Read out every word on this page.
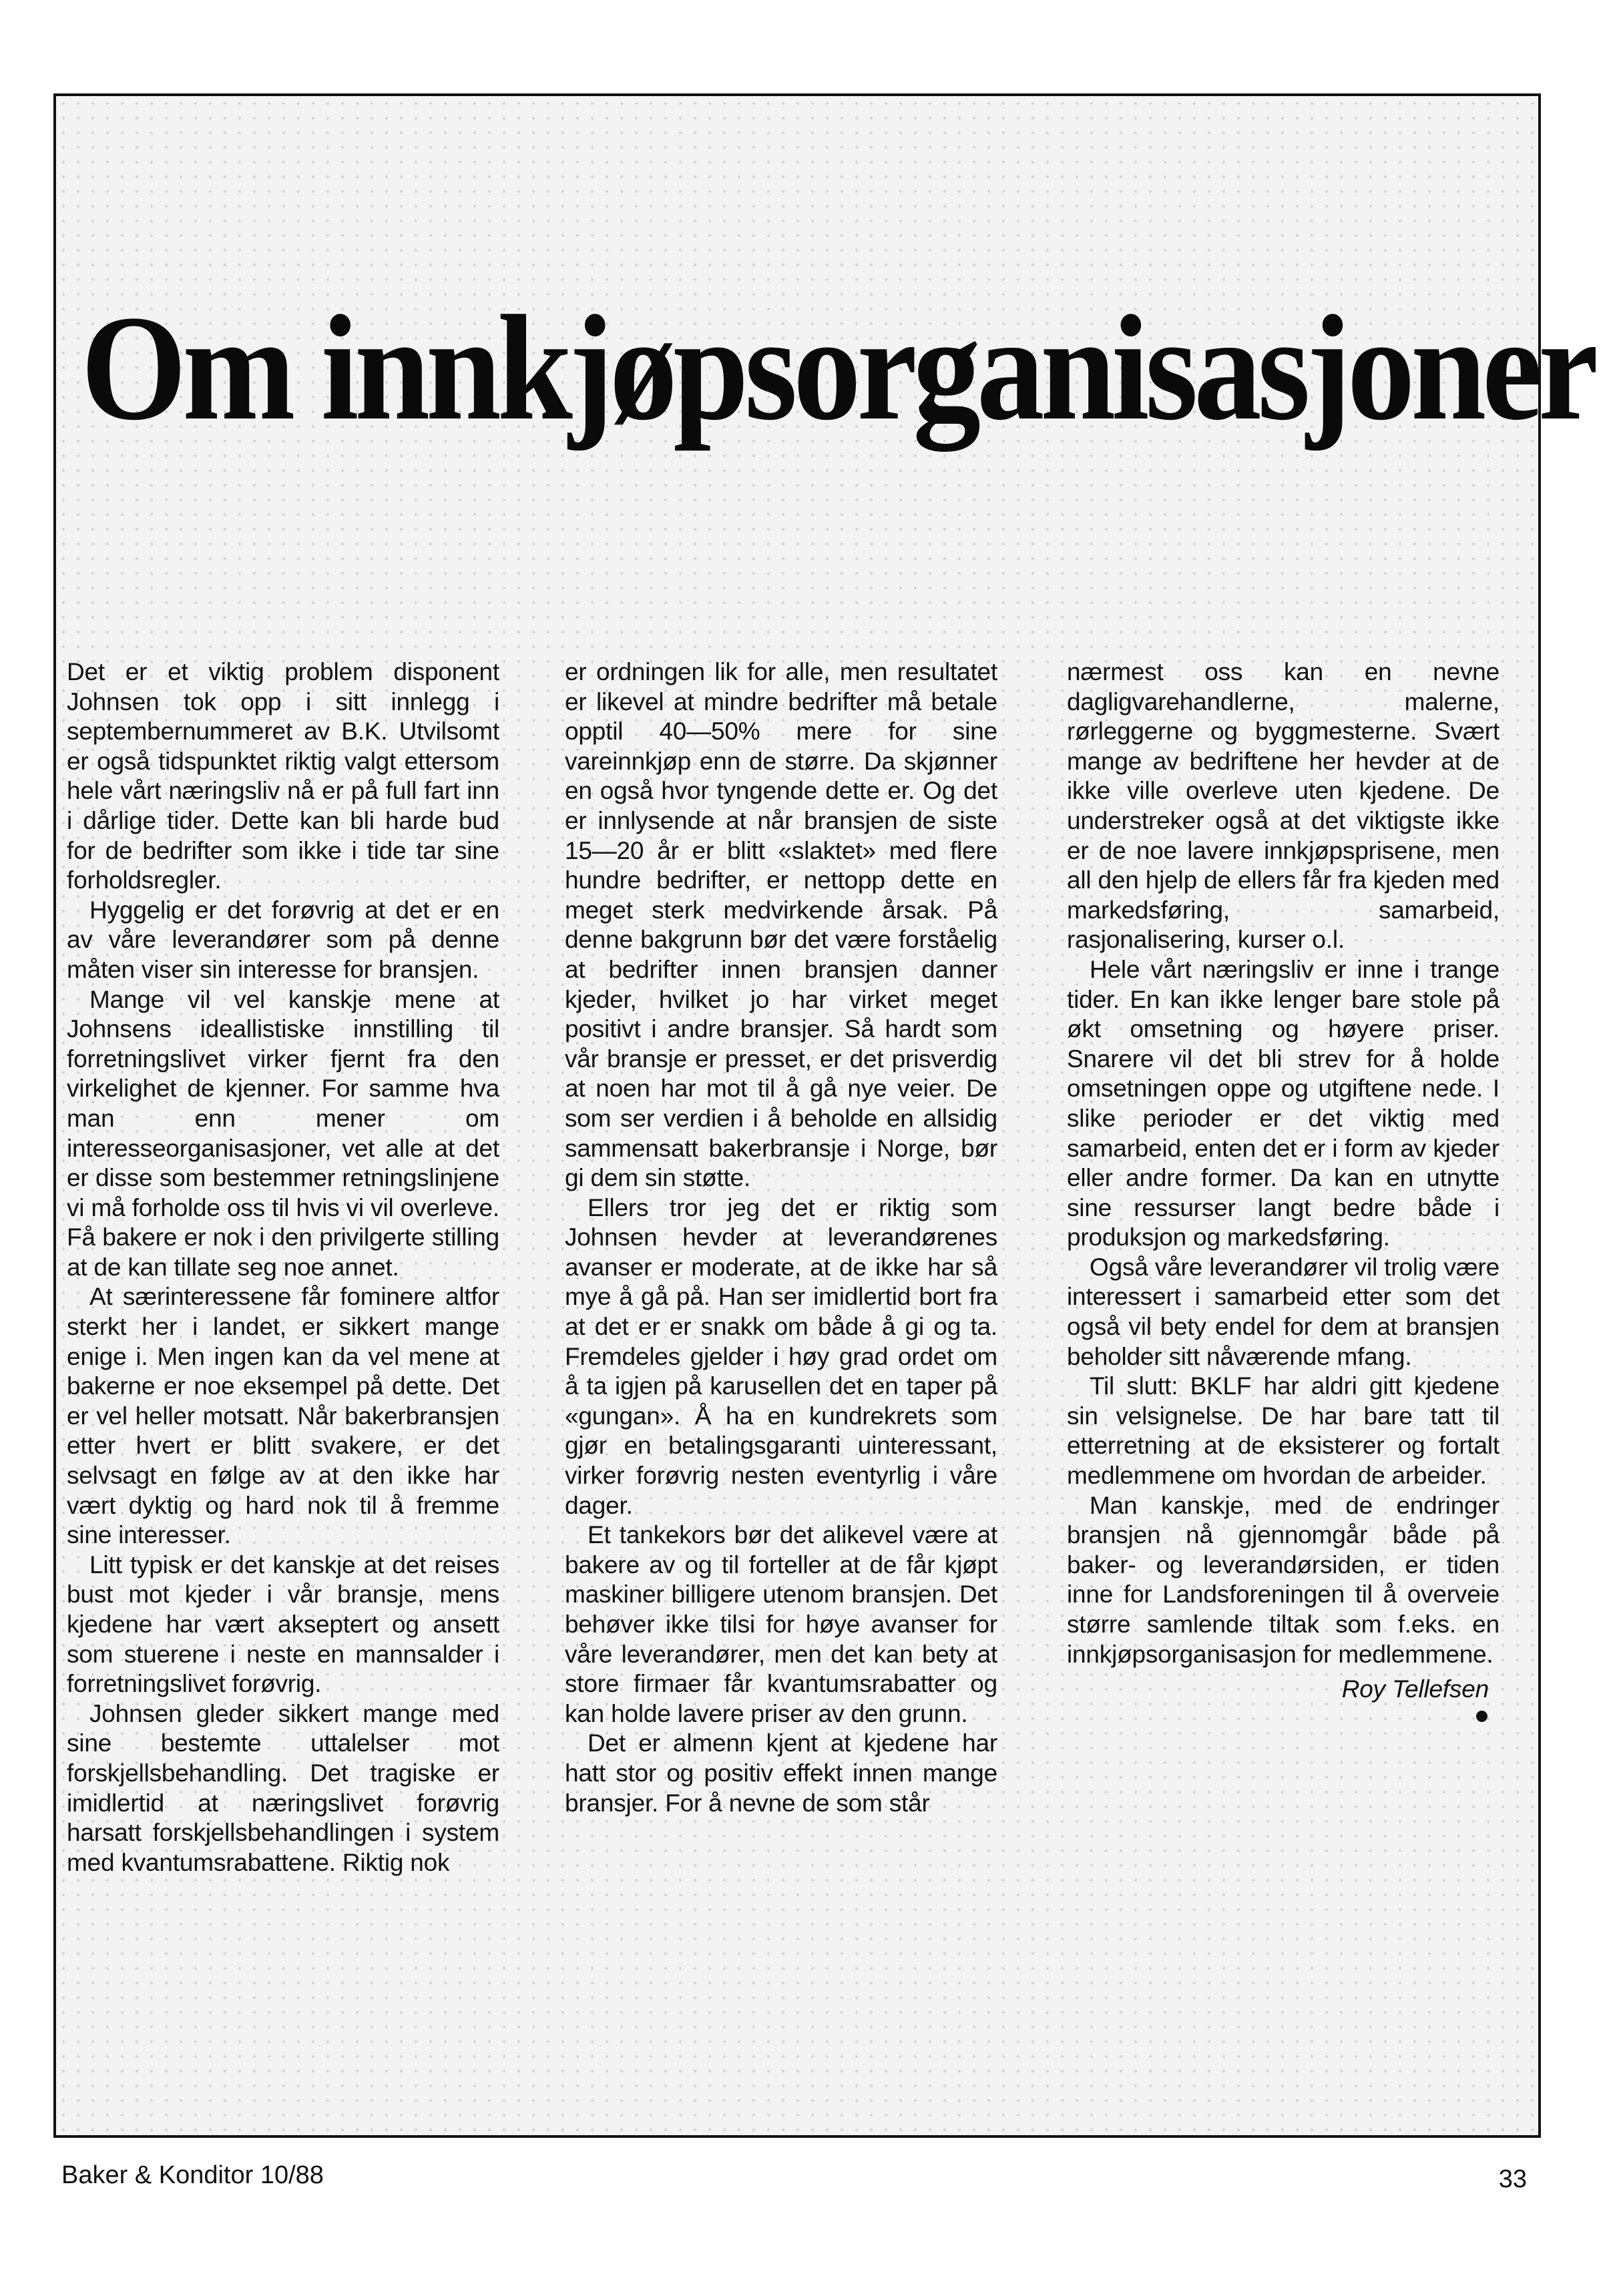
Om innkjøpsorganisasjoner

Det er et viktig problem disponent Johnsen tok opp i sitt innlegg i septembernummeret av B.K. Utvilsomt er også tidspunktet riktig valgt ettersom hele vårt næringsliv nå er på full fart inn i dårlige tider. Dette kan bli harde bud for de bedrifter som ikke i tide tar sine forholdsregler.

Hyggelig er det forøvrig at det er en av våre leverandører som på denne måten viser sin interesse for bransjen.

Mange vil vel kanskje mene at Johnsens ideallistiske innstilling til forretningslivet virker fjernt fra den virkelighet de kjenner. For samme hva man enn mener om interesseorganisasjoner, vet alle at det er disse som bestemmer retningslinjene vi må forholde oss til hvis vi vil overleve. Få bakere er nok i den privilgerte stilling at de kan tillate seg noe annet.

At særinteressene får fominere altfor sterkt her i landet, er sikkert mange enige i. Men ingen kan da vel mene at bakerne er noe eksempel på dette. Det er vel heller motsatt. Når bakerbransjen etter hvert er blitt svakere, er det selvsagt en følge av at den ikke har vært dyktig og hard nok til å fremme sine interesser.

Litt typisk er det kanskje at det reises bust mot kjeder i vår bransje, mens kjedene har vært akseptert og ansett som stuerene i neste en mannsalder i forretningslivet forøvrig.

Johnsen gleder sikkert mange med sine bestemte uttalelser mot forskjellsbehandling. Det tragiske er imidlertid at næringslivet forøvrig harsatt forskjellsbehandlingen i system med kvantumsrabattene. Riktig nok

er ordningen lik for alle, men resultatet er likevel at mindre bedrifter må betale opptil 40—50% mere for sine vareinnkjøp enn de større. Da skjønner en også hvor tyngende dette er. Og det er innlysende at når bransjen de siste 15—20 år er blitt «slaktet» med flere hundre bedrifter, er nettopp dette en meget sterk medvirkende årsak. På denne bakgrunn bør det være forståelig at bedrifter innen bransjen danner kjeder, hvilket jo har virket meget positivt i andre bransjer. Så hardt som vår bransje er presset, er det prisverdig at noen har mot til å gå nye veier. De som ser verdien i å beholde en allsidig sammensatt bakerbransje i Norge, bør gi dem sin støtte.

Ellers tror jeg det er riktig som Johnsen hevder at leverandørenes avanser er moderate, at de ikke har så mye å gå på. Han ser imidlertid bort fra at det er er snakk om både å gi og ta. Fremdeles gjelder i høy grad ordet om å ta igjen på karusellen det en taper på «gungan». Å ha en kundrekrets som gjør en betalingsgaranti uinteressant, virker forøvrig nesten eventyrlig i våre dager.

Et tankekors bør det alikevel være at bakere av og til forteller at de får kjøpt maskiner billigere utenom bransjen. Det behøver ikke tilsi for høye avanser for våre leverandører, men det kan bety at store firmaer får kvantumsrabatter og kan holde lavere priser av den grunn.

Det er almenn kjent at kjedene har hatt stor og positiv effekt innen mange bransjer. For å nevne de som står

nærmest oss kan en nevne dagligvarehandlerne, malerne, rørleggerne og byggmesterne. Svært mange av bedriftene her hevder at de ikke ville overleve uten kjedene. De understreker også at det viktigste ikke er de noe lavere innkjøpsprisene, men all den hjelp de ellers får fra kjeden med markedsføring, samarbeid, rasjonalisering, kurser o.l.

Hele vårt næringsliv er inne i trange tider. En kan ikke lenger bare stole på økt omsetning og høyere priser. Snarere vil det bli strev for å holde omsetningen oppe og utgiftene nede. I slike perioder er det viktig med samarbeid, enten det er i form av kjeder eller andre former. Da kan en utnytte sine ressurser langt bedre både i produksjon og markedsføring.

Også våre leverandører vil trolig være interessert i samarbeid etter som det også vil bety endel for dem at bransjen beholder sitt nåværende mfang.

Til slutt: BKLF har aldri gitt kjedene sin velsignelse. De har bare tatt til etterretning at de eksisterer og fortalt medlemmene om hvordan de arbeider.

Man kanskje, med de endringer bransjen nå gjennomgår både på baker- og leverandørsiden, er tiden inne for Landsforeningen til å overveie større samlende tiltak som f.eks. en innkjøpsorganisasjon for medlemmene.

Roy Tellefsen
Baker & Konditor 10/88	33
